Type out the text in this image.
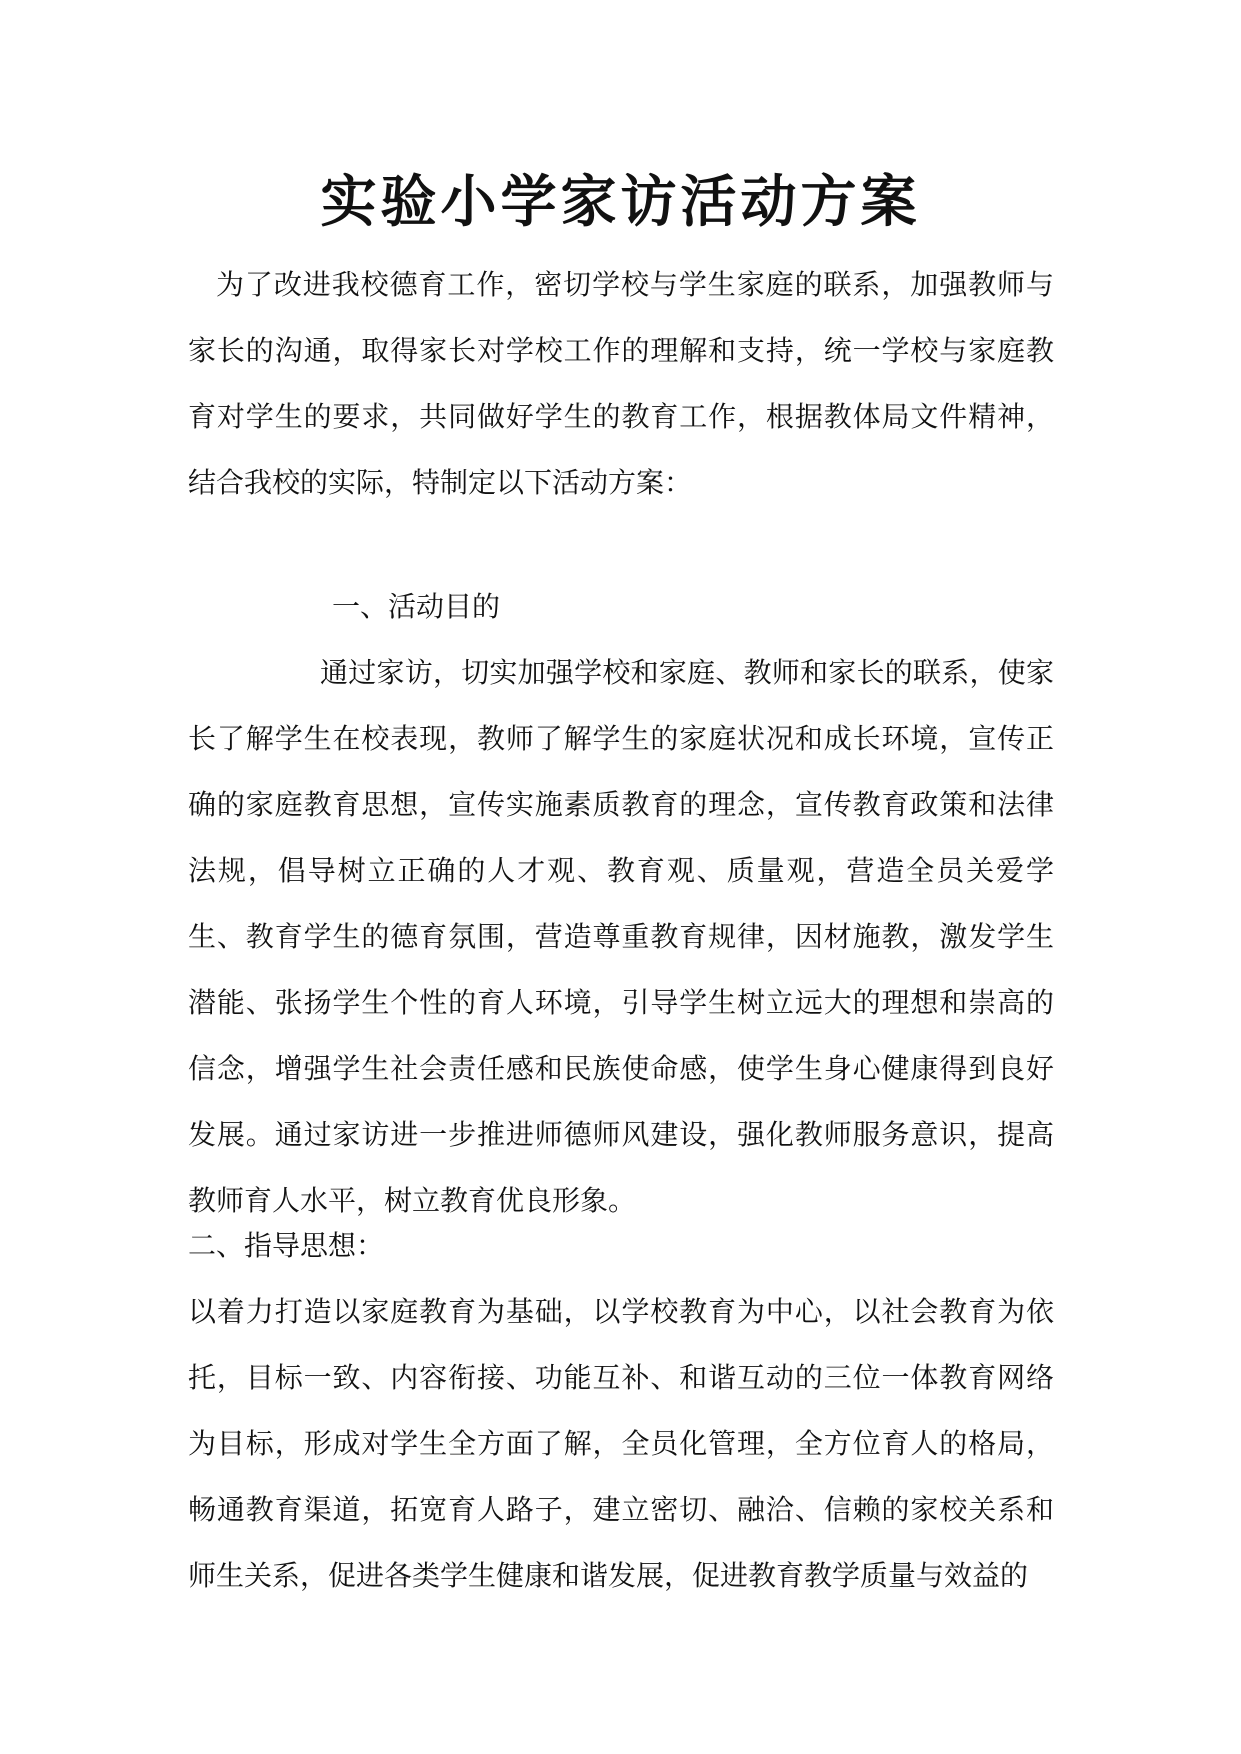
实验小学家访活动方案

为了改进我校德育工作，密切学校与学生家庭的联系，加强教师与家长的沟通，取得家长对学校工作的理解和支持，统一学校与家庭教育对学生的要求，共同做好学生的教育工作，根据教体局文件精神，结合我校的实际，特制定以下活动方案：

一、活动目的

通过家访，切实加强学校和家庭、教师和家长的联系，使家长了解学生在校表现，教师了解学生的家庭状况和成长环境，宣传正确的家庭教育思想，宣传实施素质教育的理念，宣传教育政策和法律法规，倡导树立正确的人才观、教育观、质量观，营造全员关爱学生、教育学生的德育氛围，营造尊重教育规律，因材施教，激发学生潜能、张扬学生个性的育人环境，引导学生树立远大的理想和崇高的信念，增强学生社会责任感和民族使命感，使学生身心健康得到良好发展。通过家访进一步推进师德师风建设，强化教师服务意识，提高教师育人水平，树立教育优良形象。

二、指导思想：

以着力打造以家庭教育为基础，以学校教育为中心，以社会教育为依托，目标一致、内容衔接、功能互补、和谐互动的三位一体教育网络为目标，形成对学生全方面了解，全员化管理，全方位育人的格局，畅通教育渠道，拓宽育人路子，建立密切、融洽、信赖的家校关系和师生关系，促进各类学生健康和谐发展，促进教育教学质量与效益的
